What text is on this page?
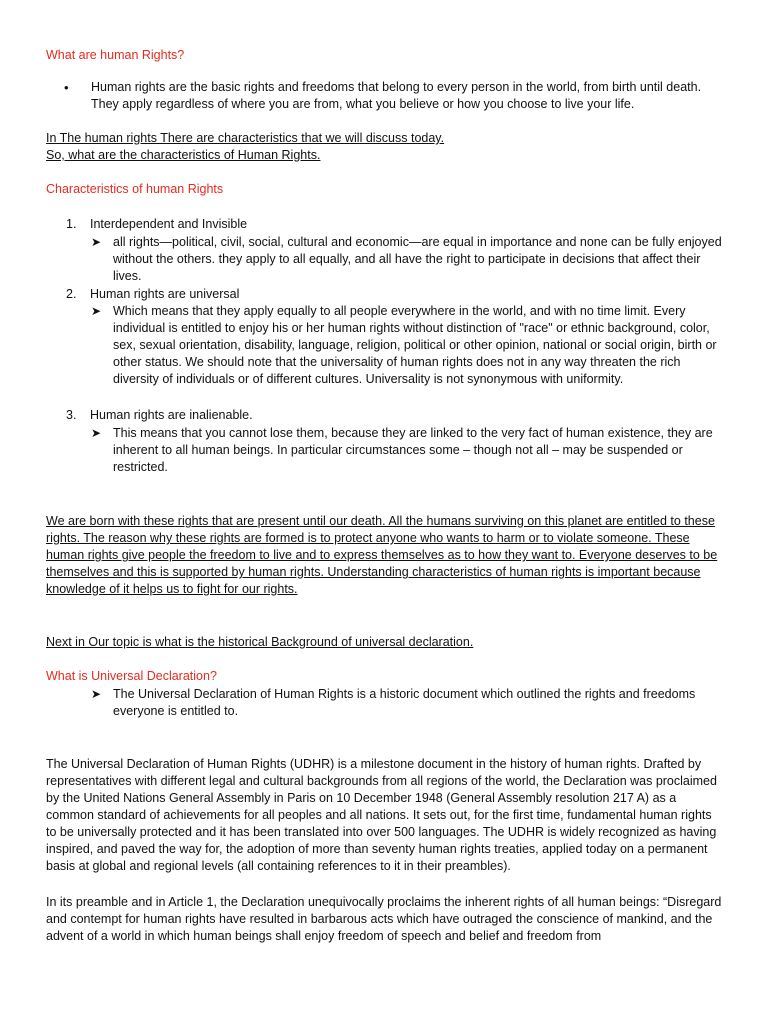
What are human Rights?

• Human rights are the basic rights and freedoms that belong to every person in the world, from birth until death. They apply regardless of where you are from, what you believe or how you choose to live your life.

In The human rights There are characteristics that we will discuss today.

So, what are the characteristics of Human Rights.

Characteristics of human Rights

1. Interdependent and Invisible
➤ all rights—political, civil, social, cultural and economic—are equal in importance and none can be fully enjoyed without the others. they apply to all equally, and all have the right to participate in decisions that affect their lives.
2. Human rights are universal
➤ Which means that they apply equally to all people everywhere in the world, and with no time limit. Every individual is entitled to enjoy his or her human rights without distinction of "race" or ethnic background, color, sex, sexual orientation, disability, language, religion, political or other opinion, national or social origin, birth or other status. We should note that the universality of human rights does not in any way threaten the rich diversity of individuals or of different cultures. Universality is not synonymous with uniformity.
3. Human rights are inalienable.
➤ This means that you cannot lose them, because they are linked to the very fact of human existence, they are inherent to all human beings. In particular circumstances some – though not all – may be suspended or restricted.

We are born with these rights that are present until our death. All the humans surviving on this planet are entitled to these rights. The reason why these rights are formed is to protect anyone who wants to harm or to violate someone. These human rights give people the freedom to live and to express themselves as to how they want to. Everyone deserves to be themselves and this is supported by human rights. Understanding characteristics of human rights is important because knowledge of it helps us to fight for our rights.

Next in Our topic is what is the historical Background of universal declaration.

What is Universal Declaration?

➤ The Universal Declaration of Human Rights is a historic document which outlined the rights and freedoms everyone is entitled to.

The Universal Declaration of Human Rights (UDHR) is a milestone document in the history of human rights. Drafted by representatives with different legal and cultural backgrounds from all regions of the world, the Declaration was proclaimed by the United Nations General Assembly in Paris on 10 December 1948 (General Assembly resolution 217 A) as a common standard of achievements for all peoples and all nations. It sets out, for the first time, fundamental human rights to be universally protected and it has been translated into over 500 languages. The UDHR is widely recognized as having inspired, and paved the way for, the adoption of more than seventy human rights treaties, applied today on a permanent basis at global and regional levels (all containing references to it in their preambles).

In its preamble and in Article 1, the Declaration unequivocally proclaims the inherent rights of all human beings: “Disregard and contempt for human rights have resulted in barbarous acts which have outraged the conscience of mankind, and the advent of a world in which human beings shall enjoy freedom of speech and belief and freedom from
